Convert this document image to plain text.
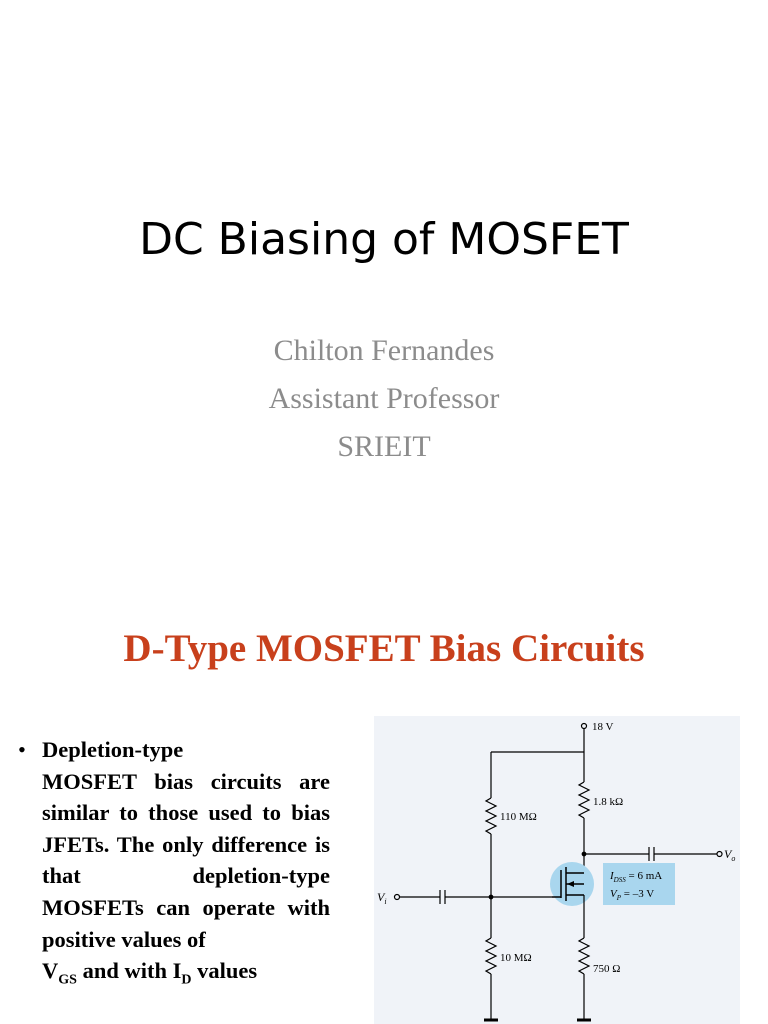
DC Biasing of MOSFET
Chilton Fernandes
Assistant Professor
SRIEIT
D-Type MOSFET Bias Circuits
• Depletion-type
MOSFET bias circuits are similar to those used to bias JFETs. The only difference is that depletion-type MOSFETs can operate with positive values of
$V_{GS}$ and with $I_D$ values
18 V
1.8 kΩ
110 MΩ
10 MΩ
750 Ω
$V_i$
$V_o$
$I_{DSS} = 6$ mA
$V_P = -3$ V
